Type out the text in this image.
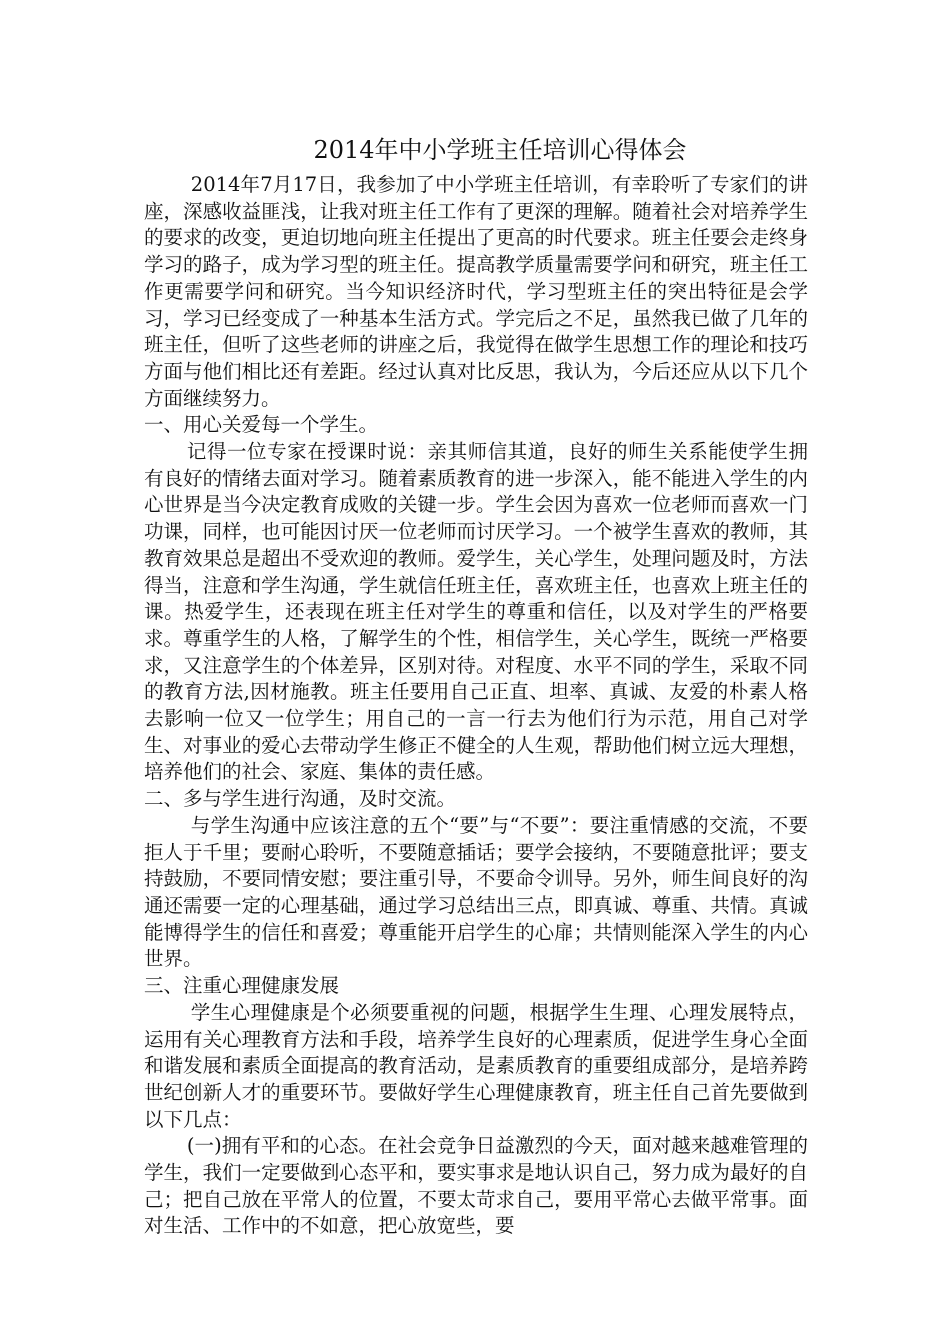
2014年中小学班主任培训心得体会

2014年7月17日，我参加了中小学班主任培训，有幸聆听了专家们的讲座，深感收益匪浅，让我对班主任工作有了更深的理解。随着社会对培养学生的要求的改变，更迫切地向班主任提出了更高的时代要求。班主任要会走终身学习的路子，成为学习型的班主任。提高教学质量需要学问和研究，班主任工作更需要学问和研究。当今知识经济时代，学习型班主任的突出特征是会学习，学习已经变成了一种基本生活方式。学完后之不足，虽然我已做了几年的班主任，但听了这些老师的讲座之后，我觉得在做学生思想工作的理论和技巧方面与他们相比还有差距。经过认真对比反思，我认为，今后还应从以下几个方面继续努力。

一、用心关爱每一个学生。

记得一位专家在授课时说：亲其师信其道，良好的师生关系能使学生拥有良好的情绪去面对学习。随着素质教育的进一步深入，能不能进入学生的内心世界是当今决定教育成败的关键一步。学生会因为喜欢一位老师而喜欢一门功课，同样，也可能因讨厌一位老师而讨厌学习。一个被学生喜欢的教师，其教育效果总是超出不受欢迎的教师。爱学生，关心学生，处理问题及时，方法得当，注意和学生沟通，学生就信任班主任，喜欢班主任，也喜欢上班主任的课。热爱学生，还表现在班主任对学生的尊重和信任，以及对学生的严格要求。尊重学生的人格，了解学生的个性，相信学生，关心学生，既统一严格要求，又注意学生的个体差异，区别对待。对程度、水平不同的学生，采取不同的教育方法,因材施教。班主任要用自己正直、坦率、真诚、友爱的朴素人格去影响一位又一位学生；用自己的一言一行去为他们行为示范，用自己对学生、对事业的爱心去带动学生修正不健全的人生观，帮助他们树立远大理想，培养他们的社会、家庭、集体的责任感。

二、多与学生进行沟通，及时交流。

与学生沟通中应该注意的五个“要”与“不要”：要注重情感的交流，不要拒人于千里；要耐心聆听，不要随意插话；要学会接纳，不要随意批评；要支持鼓励，不要同情安慰；要注重引导，不要命令训导。另外，师生间良好的沟通还需要一定的心理基础，通过学习总结出三点，即真诚、尊重、共情。真诚能博得学生的信任和喜爱；尊重能开启学生的心扉；共情则能深入学生的内心世界。

三、注重心理健康发展

学生心理健康是个必须要重视的问题，根据学生生理、心理发展特点，运用有关心理教育方法和手段，培养学生良好的心理素质，促进学生身心全面和谐发展和素质全面提高的教育活动，是素质教育的重要组成部分，是培养跨世纪创新人才的重要环节。要做好学生心理健康教育，班主任自己首先要做到以下几点：

(一)拥有平和的心态。在社会竞争日益激烈的今天，面对越来越难管理的学生，我们一定要做到心态平和，要实事求是地认识自己，努力成为最好的自己；把自己放在平常人的位置，不要太苛求自己，要用平常心去做平常事。面对生活、工作中的不如意，把心放宽些，要
